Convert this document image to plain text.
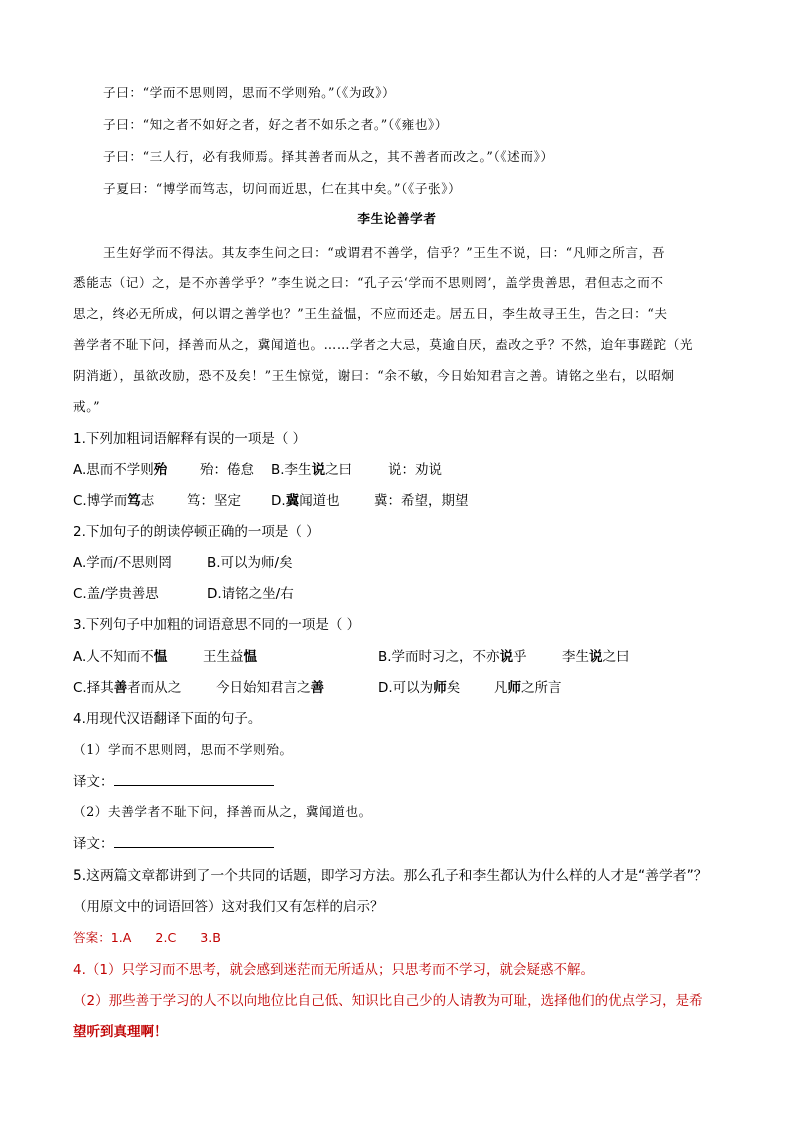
子曰：“学而不思则罔，思而不学则殆。”（《为政》）
子曰：“知之者不如好之者，好之者不如乐之者。”（《雍也》）
子曰：“三人行，必有我师焉。择其善者而从之，其不善者而改之。”（《述而》）
子夏曰：“博学而笃志，切问而近思，仁在其中矣。”（《子张》）
李生论善学者
王生好学而不得法。其友李生问之曰：“或谓君不善学，信乎？”王生不说，曰：“凡师之所言，吾
悉能志（记）之，是不亦善学乎？”李生说之曰：“孔子云‘学而不思则罔’，盖学贵善思，君但志之而不
思之，终必无所成，何以谓之善学也？”王生益愠，不应而还走。居五日，李生故寻王生，告之曰：“夫
善学者不耻下问，择善而从之，冀闻道也。……学者之大忌，莫逾自厌，盍改之乎？不然，迨年事蹉跎（光
阴消逝），虽欲改励，恐不及矣！”王生惊觉，谢曰：“余不敏，今日始知君言之善。请铭之坐右，以昭炯
戒。”
1.下列加粗词语解释有误的一项是（ ）
A.思而不学则殆 殆：倦怠 B.李生说之曰	说：劝说
C.博学而笃志 笃：坚定 D.冀闻道也	冀：希望，期望
2.下加句子的朗读停顿正确的一项是（ ）
A.学而/不思则罔	B.可以为师/矣
C.盖/学贵善思	D.请铭之坐/右
3.下列句子中加粗的词语意思不同的一项是（ ）
A.人不知而不愠	王生益愠	B.学而时习之，不亦说乎	李生说之曰
C.择其善者而从之	今日始知君言之善	D.可以为师矣	凡师之所言
4.用现代汉语翻译下面的句子。
（1）学而不思则罔，思而不学则殆。
译文：
（2）夫善学者不耻下问，择善而从之，冀闻道也。
译文：
5.这两篇文章都讲到了一个共同的话题，即学习方法。那么孔子和李生都认为什么样的人才是“善学者”？
（用原文中的词语回答）这对我们又有怎样的启示？
答案：1.A      2.C      3.B
4.（1）只学习而不思考，就会感到迷茫而无所适从；只思考而不学习，就会疑惑不解。
（2）那些善于学习的人不以向地位比自己低、知识比自己少的人请教为可耻，选择他们的优点学习，是希
望听到真理啊！
